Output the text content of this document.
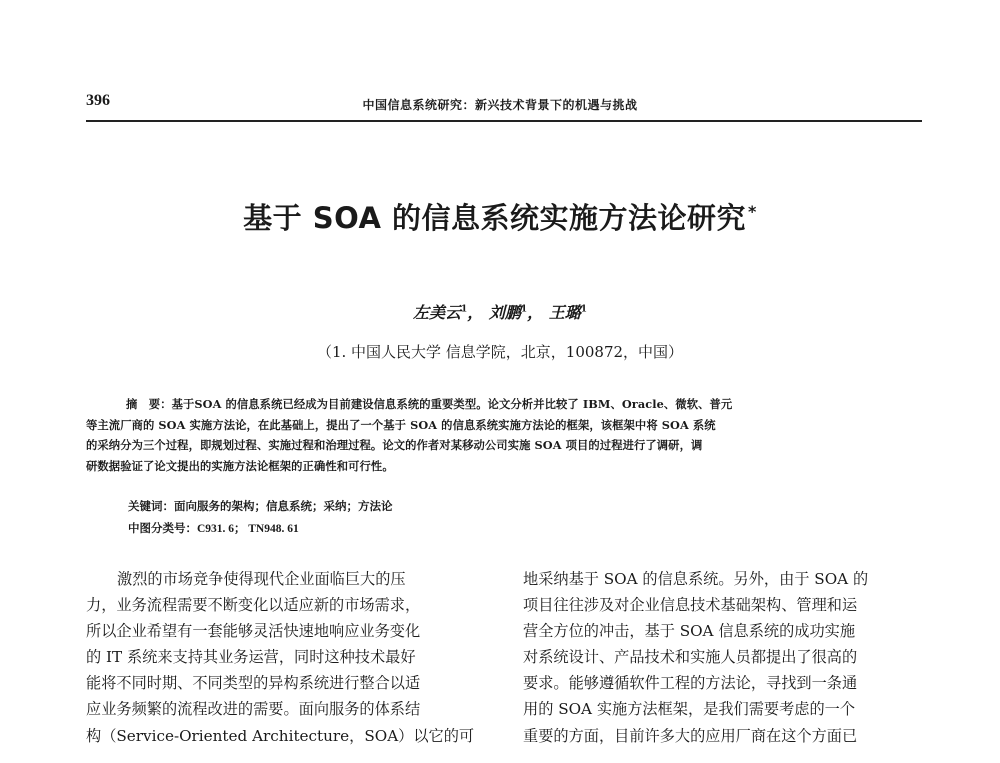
396	中国信息系统研究：新兴技术背景下的机遇与挑战
基于 SOA 的信息系统实施方法论研究 *
左美云$^1$， 刘鹏$^1$， 王璐$^1$
（1. 中国人民大学 信息学院，北京，100872，中国）
摘　要：基于SOA 的信息系统已经成为目前建设信息系统的重要类型。论文分析并比较了 IBM、Oracle、微软、普元
等主流厂商的 SOA 实施方法论，在此基础上，提出了一个基于 SOA 的信息系统实施方法论的框架，该框架中将 SOA 系统
的采纳分为三个过程，即规划过程、实施过程和治理过程。论文的作者对某移动公司实施 SOA 项目的过程进行了调研，调
研数据验证了论文提出的实施方法论框架的正确性和可行性。
关键词：面向服务的架构；信息系统；采纳；方法论
中图分类号：C931. 6； TN948. 61
激烈的市场竞争使得现代企业面临巨大的压
力，业务流程需要不断变化以适应新的市场需求，
所以企业希望有一套能够灵活快速地响应业务变化
的 IT 系统来支持其业务运营，同时这种技术最好
能将不同时期、不同类型的异构系统进行整合以适
应业务频繁的流程改进的需要。面向服务的体系结
构（Service-Oriented Architecture，SOA）以它的可
地采纳基于 SOA 的信息系统。另外，由于 SOA 的
项目往往涉及对企业信息技术基础架构、管理和运
营全方位的冲击，基于 SOA 信息系统的成功实施
对系统设计、产品技术和实施人员都提出了很高的
要求。能够遵循软件工程的方法论，寻找到一条通
用的 SOA 实施方法框架，是我们需要考虑的一个
重要的方面，目前许多大的应用厂商在这个方面已
